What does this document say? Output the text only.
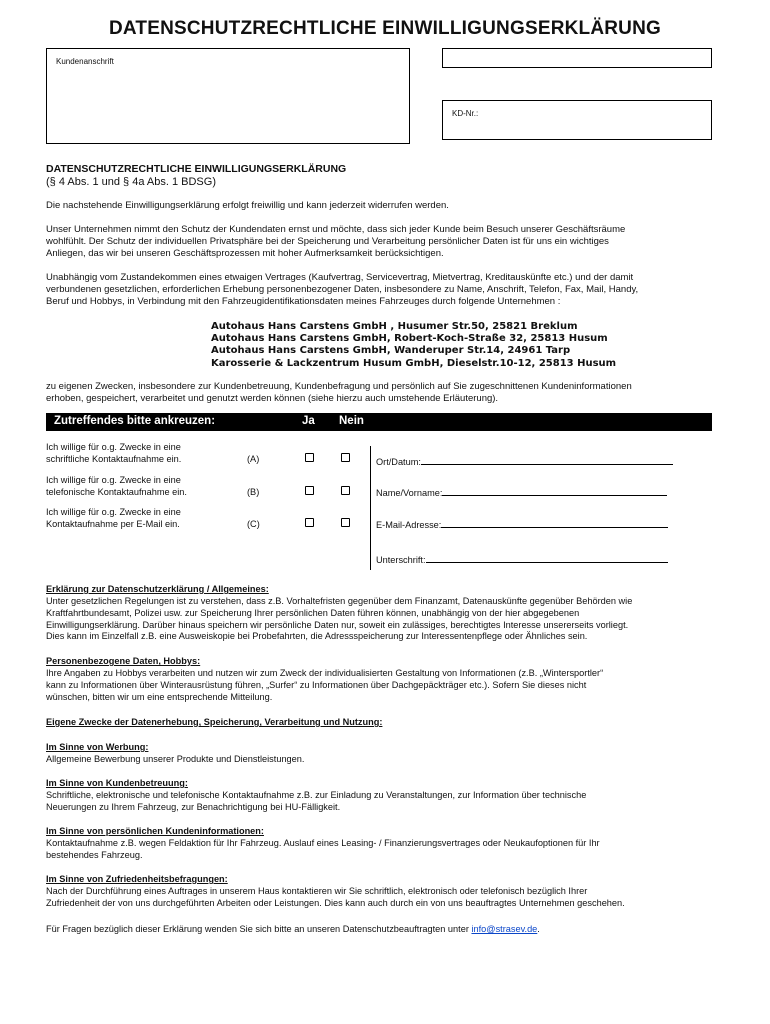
DATENSCHUTZRECHTLICHE EINWILLIGUNGSERKLÄRUNG
Kundenanschrift
KD-Nr.:
DATENSCHUTZRECHTLICHE EINWILLIGUNGSERKLÄRUNG
(§ 4 Abs. 1 und § 4a Abs. 1 BDSG)
Die nachstehende Einwilligungserklärung erfolgt freiwillig und kann jederzeit widerrufen werden.
Unser Unternehmen nimmt den Schutz der Kundendaten ernst und möchte, dass sich jeder Kunde beim Besuch unserer Geschäftsräume
wohlfühlt. Der Schutz der individuellen Privatsphäre bei der Speicherung und Verarbeitung persönlicher Daten ist für uns ein wichtiges
Anliegen, das wir bei unseren Geschäftsprozessen mit hoher Aufmerksamkeit berücksichtigen.
Unabhängig vom Zustandekommen eines etwaigen Vertrages (Kaufvertrag, Servicevertrag, Mietvertrag, Kreditauskünfte etc.) und der damit
verbundenen gesetzlichen, erforderlichen Erhebung personenbezogener Daten, insbesondere zu Name, Anschrift, Telefon, Fax, Mail, Handy,
Beruf und Hobbys, in Verbindung mit den Fahrzeugidentifikationsdaten meines Fahrzeuges durch folgende Unternehmen :
Autohaus Hans Carstens GmbH , Husumer Str.50, 25821 Breklum
Autohaus Hans Carstens GmbH, Robert-Koch-Straße 32, 25813 Husum
Autohaus Hans Carstens GmbH, Wanderuper Str.14, 24961 Tarp
Karosserie & Lackzentrum Husum GmbH, Dieselstr.10-12, 25813 Husum
zu eigenen Zwecken, insbesondere zur Kundenbetreuung, Kundenbefragung und persönlich auf Sie zugeschnittenen Kundeninformationen
erhoben, gespeichert, verarbeitet und genutzt werden können (siehe hierzu auch umstehende Erläuterung).
Zutreffendes bitte ankreuzen:	Ja Nein
Ich willige für o.g. Zwecke in eine
schriftliche Kontaktaufnahme ein.	(A)
Ich willige für o.g. Zwecke in eine
telefonische Kontaktaufnahme ein.	(B)
Ich willige für o.g. Zwecke in eine
Kontaktaufnahme per E-Mail ein.	(C)
Ort/Datum:
Name/Vorname:
E-Mail-Adresse:
Unterschrift:
Erklärung zur Datenschutzerklärung / Allgemeines:
Unter gesetzlichen Regelungen ist zu verstehen, dass z.B. Vorhaltefristen gegenüber dem Finanzamt, Datenauskünfte gegenüber Behörden wie
Kraftfahrtbundesamt, Polizei usw. zur Speicherung Ihrer persönlichen Daten führen können, unabhängig von der hier abgegebenen
Einwilligungserklärung. Darüber hinaus speichern wir persönliche Daten nur, soweit ein zulässiges, berechtigtes Interesse unsererseits vorliegt.
Dies kann im Einzelfall z.B. eine Ausweiskopie bei Probefahrten, die Adressspeicherung zur Interessentenpflege oder Ähnliches sein.
Personenbezogene Daten, Hobbys:
Ihre Angaben zu Hobbys verarbeiten und nutzen wir zum Zweck der individualisierten Gestaltung von Informationen (z.B. „Wintersportler“
kann zu Informationen über Winterausrüstung führen, „Surfer“ zu Informationen über Dachgepäckträger etc.). Sofern Sie dieses nicht
wünschen, bitten wir um eine entsprechende Mitteilung.
Eigene Zwecke der Datenerhebung, Speicherung, Verarbeitung und Nutzung:
Im Sinne von Werbung:
Allgemeine Bewerbung unserer Produkte und Dienstleistungen.
Im Sinne von Kundenbetreuung:
Schriftliche, elektronische und telefonische Kontaktaufnahme z.B. zur Einladung zu Veranstaltungen, zur Information über technische
Neuerungen zu Ihrem Fahrzeug, zur Benachrichtigung bei HU-Fälligkeit.
Im Sinne von persönlichen Kundeninformationen:
Kontaktaufnahme z.B. wegen Feldaktion für Ihr Fahrzeug. Auslauf eines Leasing- / Finanzierungsvertrages oder Neukaufoptionen für Ihr
bestehendes Fahrzeug.
Im Sinne von Zufriedenheitsbefragungen:
Nach der Durchführung eines Auftrages in unserem Haus kontaktieren wir Sie schriftlich, elektronisch oder telefonisch bezüglich Ihrer
Zufriedenheit der von uns durchgeführten Arbeiten oder Leistungen. Dies kann auch durch ein von uns beauftragtes Unternehmen geschehen.
Für Fragen bezüglich dieser Erklärung wenden Sie sich bitte an unseren Datenschutzbeauftragten unter info@strasev.de.
